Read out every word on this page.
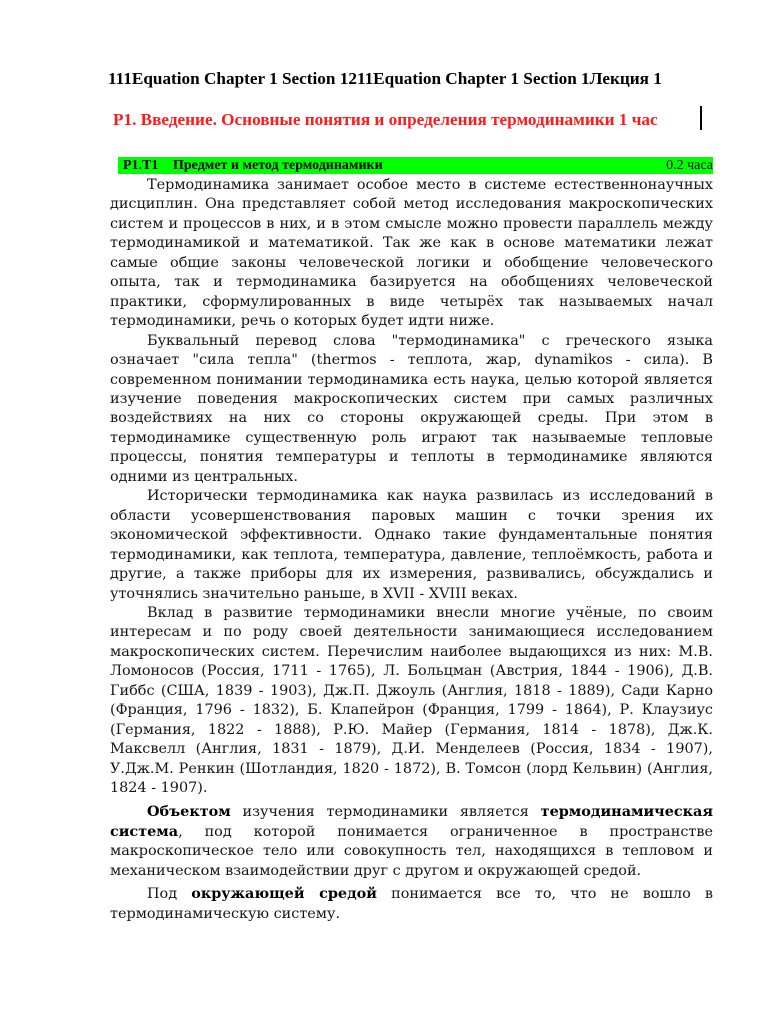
111Equation Chapter 1 Section 1211Equation Chapter 1 Section 1Лекция 1
Р1. Введение. Основные понятия и определения термодинамики 1 час
Р1.Т1 Предмет и метод термодинамики	0.2 часа

Термодинамика занимает особое место в системе естественнонаучных дисциплин. Она представляет собой метод исследования макроскопических систем и процессов в них, и в этом смысле можно провести параллель между термодинамикой и математикой. Так же как в основе математики лежат самые общие законы человеческой логики и обобщение человеческого опыта, так и термодинамика базируется на обобщениях человеческой практики, сформулированных в виде четырёх так называемых начал термодинамики, речь о которых будет идти ниже.

Буквальный перевод слова "термодинамика" с греческого языка означает "сила тепла" (thermos - теплота, жар, dynamikos - сила). В современном понимании термодинамика есть наука, целью которой является изучение поведения макроскопических систем при самых различных воздействиях на них со стороны окружающей среды. При этом в термодинамике существенную роль играют так называемые тепловые процессы, понятия температуры и теплоты в термодинамике являются одними из центральных.

Исторически термодинамика как наука развилась из исследований в области усовершенствования паровых машин с точки зрения их экономической эффективности. Однако такие фундаментальные понятия термодинамики, как теплота, температура, давление, теплоёмкость, работа и другие, а также приборы для их измерения, развивались, обсуждались и уточнялись значительно раньше, в XVII - XVIII веках.

Вклад в развитие термодинамики внесли многие учёные, по своим интересам и по роду своей деятельности занимающиеся исследованием макроскопических систем. Перечислим наиболее выдающихся из них: М.В. Ломоносов (Россия, 1711 - 1765), Л. Больцман (Австрия, 1844 - 1906), Д.В. Гиббс (США, 1839 - 1903), Дж.П. Джоуль (Англия, 1818 - 1889), Сади Карно (Франция, 1796 - 1832), Б. Клапейрон (Франция, 1799 - 1864), Р. Клаузиус (Германия, 1822 - 1888), Р.Ю. Майер (Германия, 1814 - 1878), Дж.К. Максвелл (Англия, 1831 - 1879), Д.И. Менделеев (Россия, 1834 - 1907), У.Дж.М. Ренкин (Шотландия, 1820 - 1872), В. Томсон (лорд Кельвин) (Англия, 1824 - 1907).

Объектом изучения термодинамики является термодинамическая система, под которой понимается ограниченное в пространстве макроскопическое тело или совокупность тел, находящихся в тепловом и механическом взаимодействии друг с другом и окружающей средой.

Под окружающей средой понимается все то, что не вошло в термодинамическую систему.
